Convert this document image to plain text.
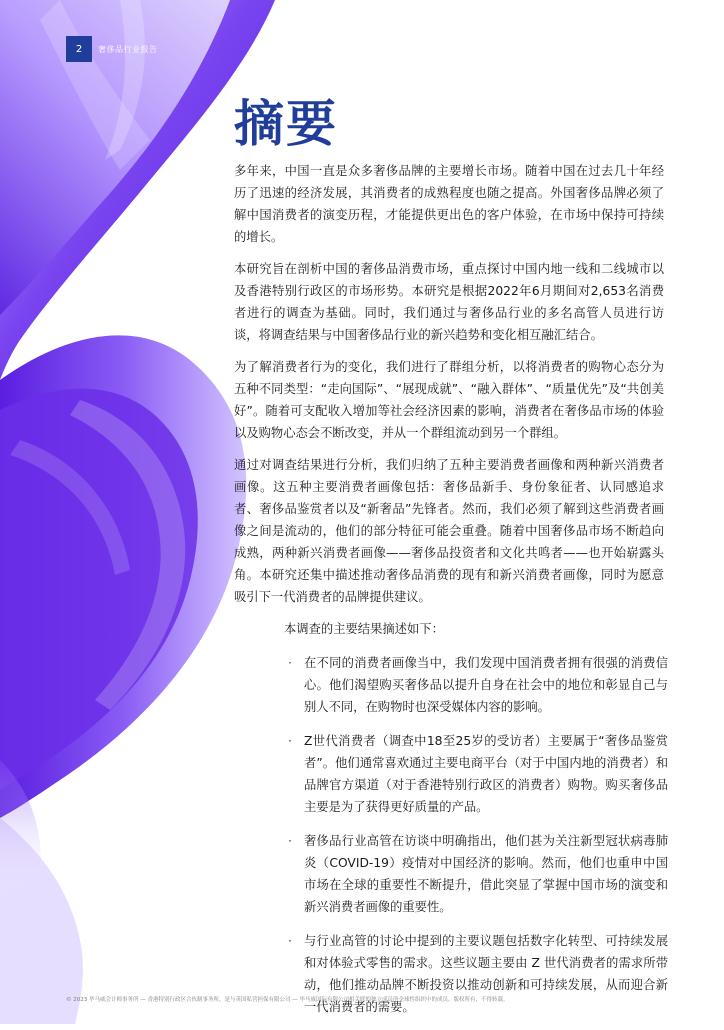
2	奢侈品行业报告
摘要

多年来，中国一直是众多奢侈品牌的主要增长市场。随着中国在过去几十年经历了迅速的经济发展，其消费者的成熟程度也随之提高。外国奢侈品牌必须了解中国消费者的演变历程，才能提供更出色的客户体验，在市场中保持可持续的增长。

本研究旨在剖析中国的奢侈品消费市场，重点探讨中国内地一线和二线城市以及香港特别行政区的市场形势。本研究是根据2022年6月期间对2,653名消费者进行的调查为基础。同时，我们通过与奢侈品行业的多名高管人员进行访谈，将调查结果与中国奢侈品行业的新兴趋势和变化相互融汇结合。

为了解消费者行为的变化，我们进行了群组分析，以将消费者的购物心态分为五种不同类型：“走向国际”、“展现成就”、“融入群体”、“质量优先”及“共创美好”。随着可支配收入增加等社会经济因素的影响，消费者在奢侈品市场的体验以及购物心态会不断改变，并从一个群组流动到另一个群组。

通过对调查结果进行分析，我们归纳了五种主要消费者画像和两种新兴消费者画像。这五种主要消费者画像包括：奢侈品新手、身份象征者、认同感追求者、奢侈品鉴赏者以及“新奢品”先锋者。然而，我们必须了解到这些消费者画像之间是流动的，他们的部分特征可能会重叠。随着中国奢侈品市场不断趋向成熟，两种新兴消费者画像——奢侈品投资者和文化共鸣者——也开始崭露头角。本研究还集中描述推动奢侈品消费的现有和新兴消费者画像，同时为愿意吸引下一代消费者的品牌提供建议。

本调查的主要结果摘述如下：

· 在不同的消费者画像当中，我们发现中国消费者拥有很强的消费信心。他们渴望购买奢侈品以提升自身在社会中的地位和彰显自己与别人不同，在购物时也深受媒体内容的影响。
· Z世代消费者（调查中18至25岁的受访者）主要属于“奢侈品鉴赏者”。他们通常喜欢通过主要电商平台（对于中国内地的消费者）和品牌官方渠道（对于香港特别行政区的消费者）购物。购买奢侈品主要是为了获得更好质量的产品。
· 奢侈品行业高管在访谈中明确指出，他们甚为关注新型冠状病毒肺炎（COVID-19）疫情对中国经济的影响。然而，他们也重申中国市场在全球的重要性不断提升，借此突显了掌握中国市场的演变和新兴消费者画像的重要性。
· 与行业高管的讨论中提到的主要议题包括数字化转型、可持续发展和对体验式零售的需求。这些议题主要由 Z 世代消费者的需求所带动，他们推动品牌不断投资以推动创新和可持续发展，从而迎合新一代消费者的需要。
© 2023 毕马威会计师事务所 — 香港特别行政区合伙制事务所，是与英国私营担保有限公司 — 毕马威国际有限公司相关联的独立成员所全球性组织中的成员。版权所有，不得转载。
